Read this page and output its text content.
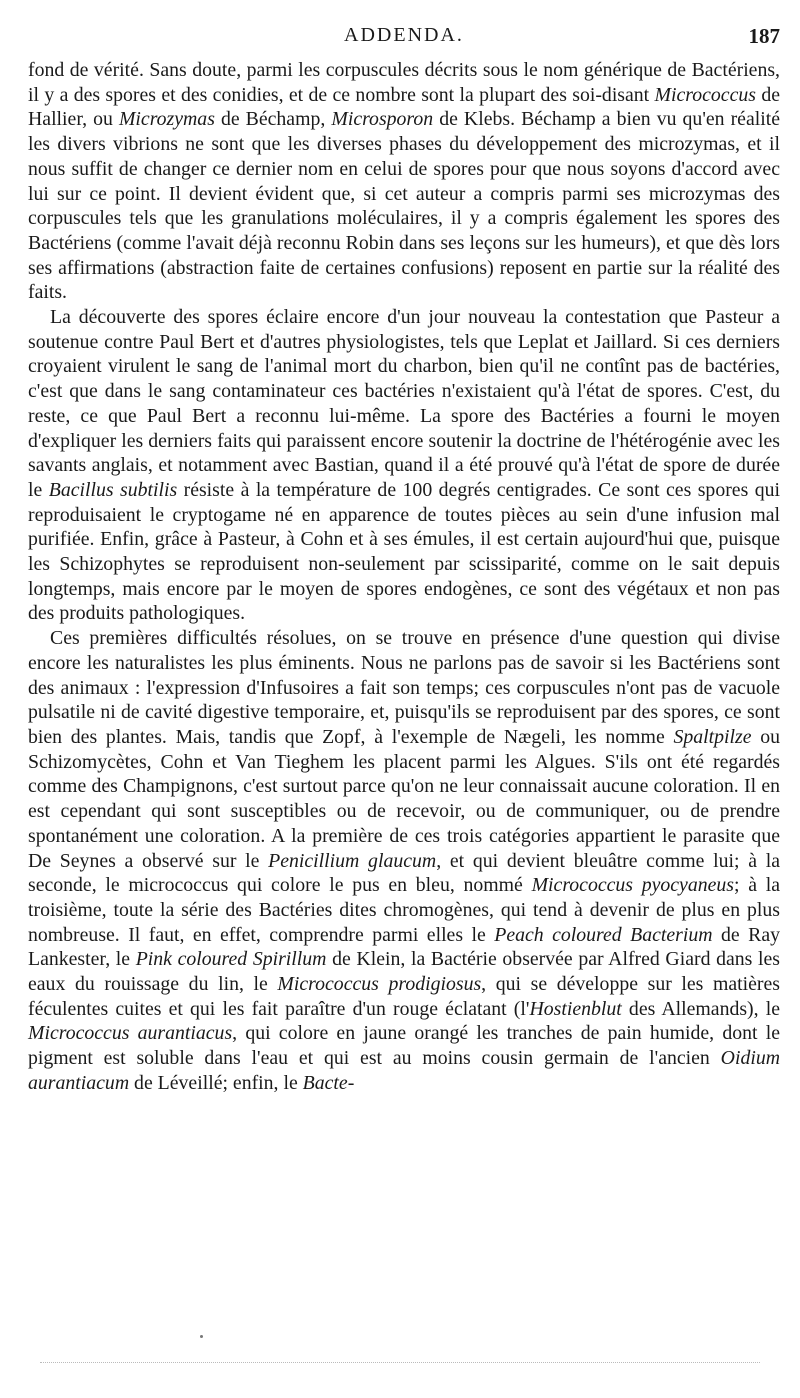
ADDENDA.	187

fond de vérité. Sans doute, parmi les corpuscules décrits sous le nom générique de Bactériens, il y a des spores et des conidies, et de ce nombre sont la plupart des soi-disant Micrococcus de Hallier, ou Microzymas de Béchamp, Microsporon de Klebs. Béchamp a bien vu qu'en réalité les divers vibrions ne sont que les diverses phases du développement des microzymas, et il nous suffit de changer ce dernier nom en celui de spores pour que nous soyons d'accord avec lui sur ce point. Il devient évident que, si cet auteur a compris parmi ses microzymas des corpuscules tels que les granulations moléculaires, il y a compris également les spores des Bactériens (comme l'avait déjà reconnu Robin dans ses leçons sur les humeurs), et que dès lors ses affirmations (abstraction faite de certaines confusions) reposent en partie sur la réalité des faits.

La découverte des spores éclaire encore d'un jour nouveau la contestation que Pasteur a soutenue contre Paul Bert et d'autres physiologistes, tels que Leplat et Jaillard. Si ces derniers croyaient virulent le sang de l'animal mort du charbon, bien qu'il ne contînt pas de bactéries, c'est que dans le sang contaminateur ces bactéries n'existaient qu'à l'état de spores. C'est, du reste, ce que Paul Bert a reconnu lui-même. La spore des Bactéries a fourni le moyen d'expliquer les derniers faits qui paraissent encore soutenir la doctrine de l'hétérogénie avec les savants anglais, et notamment avec Bastian, quand il a été prouvé qu'à l'état de spore de durée le Bacillus subtilis résiste à la température de 100 degrés centigrades. Ce sont ces spores qui reproduisaient le cryptogame né en apparence de toutes pièces au sein d'une infusion mal purifiée. Enfin, grâce à Pasteur, à Cohn et à ses émules, il est certain aujourd'hui que, puisque les Schizophytes se reproduisent non-seulement par scissiparité, comme on le sait depuis longtemps, mais encore par le moyen de spores endogènes, ce sont des végétaux et non pas des produits pathologiques.

Ces premières difficultés résolues, on se trouve en présence d'une question qui divise encore les naturalistes les plus éminents. Nous ne parlons pas de savoir si les Bactériens sont des animaux : l'expression d'Infusoires a fait son temps; ces corpuscules n'ont pas de vacuole pulsatile ni de cavité digestive temporaire, et, puisqu'ils se reproduisent par des spores, ce sont bien des plantes. Mais, tandis que Zopf, à l'exemple de Nægeli, les nomme Spaltpilze ou Schizomycètes, Cohn et Van Tieghem les placent parmi les Algues. S'ils ont été regardés comme des Champignons, c'est surtout parce qu'on ne leur connaissait aucune coloration. Il en est cependant qui sont susceptibles ou de recevoir, ou de communiquer, ou de prendre spontanément une coloration. A la première de ces trois catégories appartient le parasite que De Seynes a observé sur le Penicillium glaucum, et qui devient bleuâtre comme lui; à la seconde, le micrococcus qui colore le pus en bleu, nommé Micrococcus pyocyaneus; à la troisième, toute la série des Bactéries dites chromogènes, qui tend à devenir de plus en plus nombreuse. Il faut, en effet, comprendre parmi elles le Peach coloured Bacterium de Ray Lankester, le Pink coloured Spirillum de Klein, la Bactérie observée par Alfred Giard dans les eaux du rouissage du lin, le Micrococcus prodigiosus, qui se développe sur les matières féculentes cuites et qui les fait paraître d'un rouge éclatant (l'Hostienblut des Allemands), le Micrococcus aurantiacus, qui colore en jaune orangé les tranches de pain humide, dont le pigment est soluble dans l'eau et qui est au moins cousin germain de l'ancien Oidium aurantiacum de Léveillé; enfin, le Bacte-
